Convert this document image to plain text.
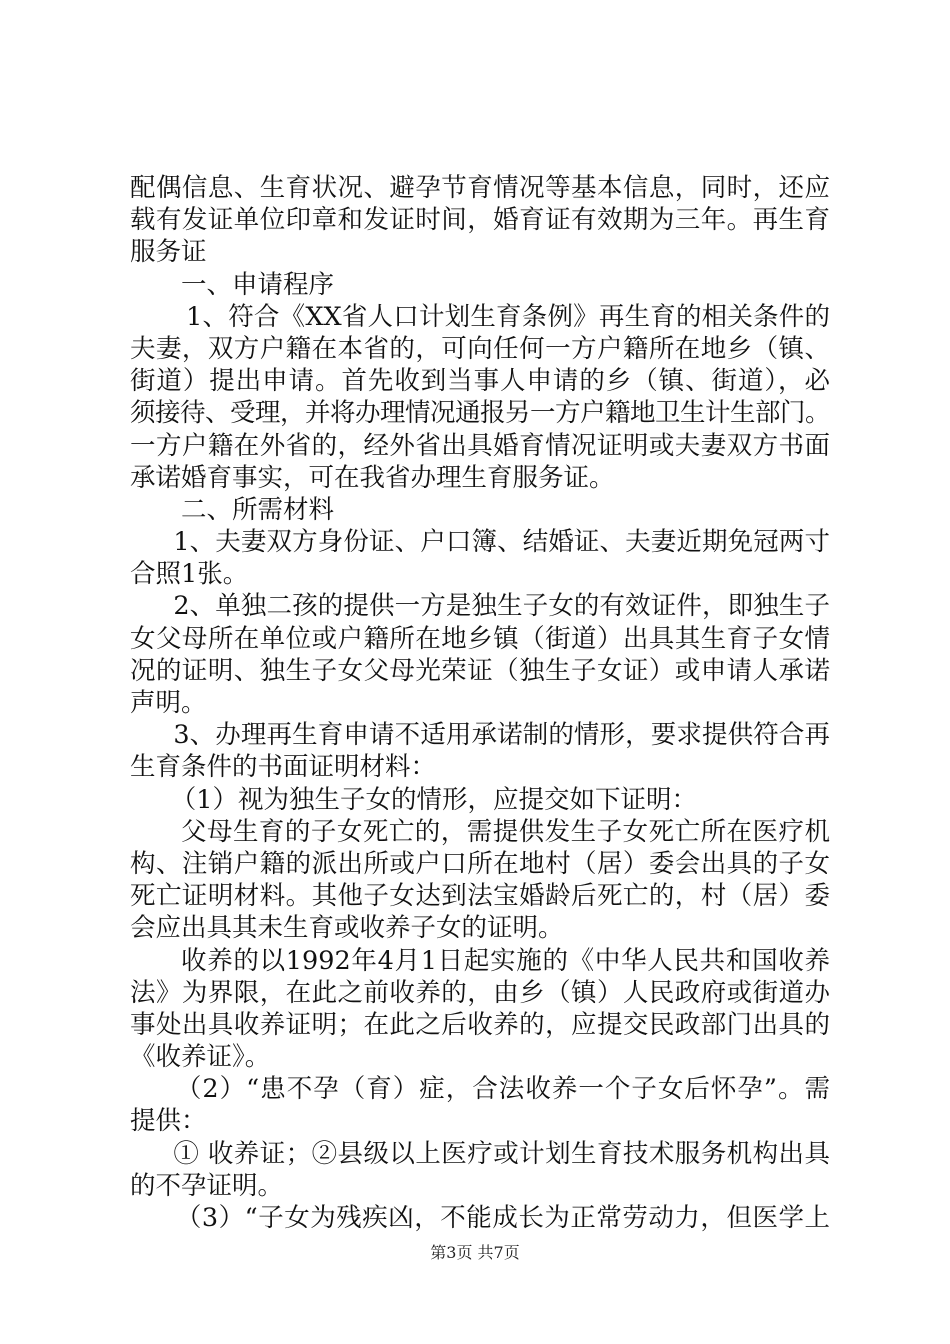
配偶信息、生育状况、避孕节育情况等基本信息，同时，还应
载有发证单位印章和发证时间，婚育证有效期为三年。再生育
服务证
一、申请程序
1、符合《XX省人口计划生育条例》再生育的相关条件的
夫妻，双方户籍在本省的，可向任何一方户籍所在地乡（镇、
街道）提出申请。首先收到当事人申请的乡（镇、街道），必
须接待、受理，并将办理情况通报另一方户籍地卫生计生部门。
一方户籍在外省的，经外省出具婚育情况证明或夫妻双方书面
承诺婚育事实，可在我省办理生育服务证。
二、所需材料
1、夫妻双方身份证、户口簿、结婚证、夫妻近期免冠两寸
合照1张。
2、单独二孩的提供一方是独生子女的有效证件，即独生子
女父母所在单位或户籍所在地乡镇（街道）出具其生育子女情
况的证明、独生子女父母光荣证（独生子女证）或申请人承诺
声明。
3、办理再生育申请不适用承诺制的情形，要求提供符合再
生育条件的书面证明材料：
（1）视为独生子女的情形，应提交如下证明：
父母生育的子女死亡的，需提供发生子女死亡所在医疗机
构、注销户籍的派出所或户口所在地村（居）委会出具的子女
死亡证明材料。其他子女达到法宝婚龄后死亡的，村（居）委
会应出具其未生育或收养子女的证明。
收养的以1992年4月1日起实施的《中华人民共和国收养
法》为界限，在此之前收养的，由乡（镇）人民政府或街道办
事处出具收养证明；在此之后收养的，应提交民政部门出具的
《收养证》。
（2）“患不孕（育）症，合法收养一个子女后怀孕”。需
提供：
① 收养证；②县级以上医疗或计划生育技术服务机构出具
的不孕证明。
（3）“子女为残疾凶，不能成长为正常劳动力，但医学上
第3页 共7页
